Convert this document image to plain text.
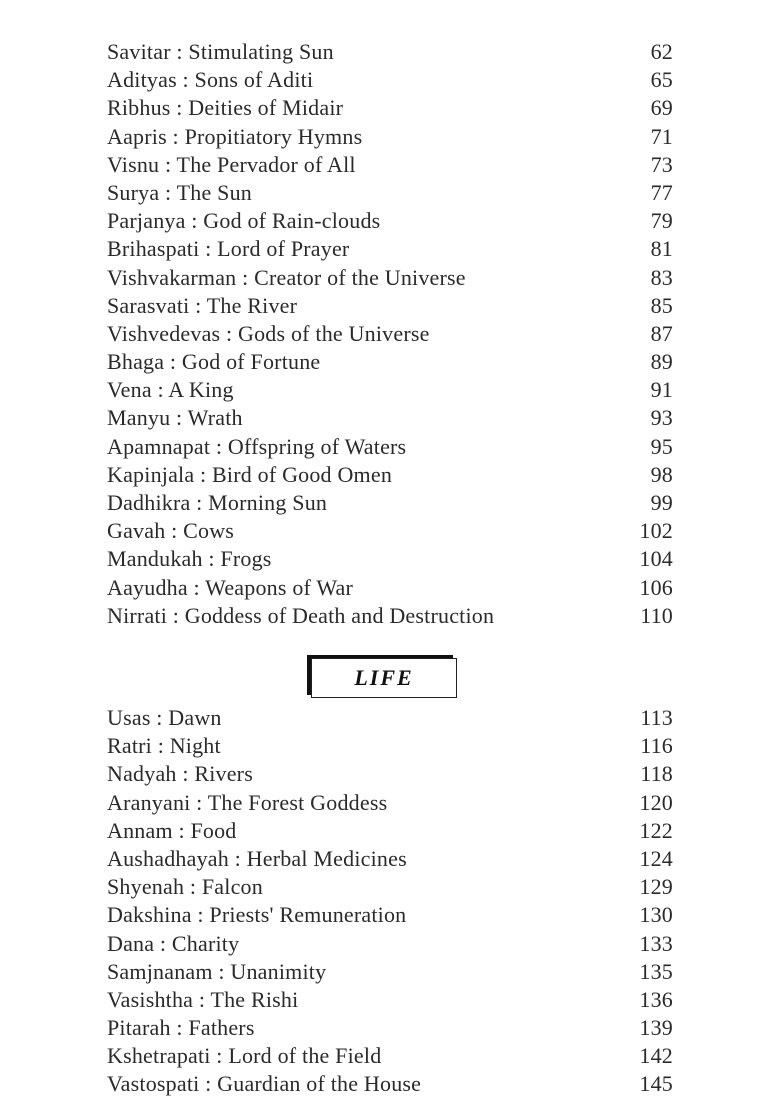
Savitar : Stimulating Sun	62
Adityas : Sons of Aditi	65
Ribhus : Deities of Midair	69
Aapris : Propitiatory Hymns	71
Visnu : The Pervador of All	73
Surya : The Sun	77
Parjanya : God of Rain-clouds	79
Brihaspati : Lord of Prayer	81
Vishvakarman : Creator of the Universe	83
Sarasvati : The River	85
Vishvedevas : Gods of the Universe	87
Bhaga : God of Fortune	89
Vena : A King	91
Manyu : Wrath	93
Apamnapat : Offspring of Waters	95
Kapinjala : Bird of Good Omen	98
Dadhikra : Morning Sun	99
Gavah : Cows	102
Mandukah : Frogs	104
Aayudha : Weapons of War	106
Nirrati : Goddess of Death and Destruction	110
LIFE
Usas : Dawn	113
Ratri : Night	116
Nadyah : Rivers	118
Aranyani : The Forest Goddess	120
Annam : Food	122
Aushadhayah : Herbal Medicines	124
Shyenah : Falcon	129
Dakshina : Priests' Remuneration	130
Dana : Charity	133
Samjnanam : Unanimity	135
Vasishtha : The Rishi	136
Pitarah : Fathers	139
Kshetrapati : Lord of the Field	142
Vastospati : Guardian of the House	145
